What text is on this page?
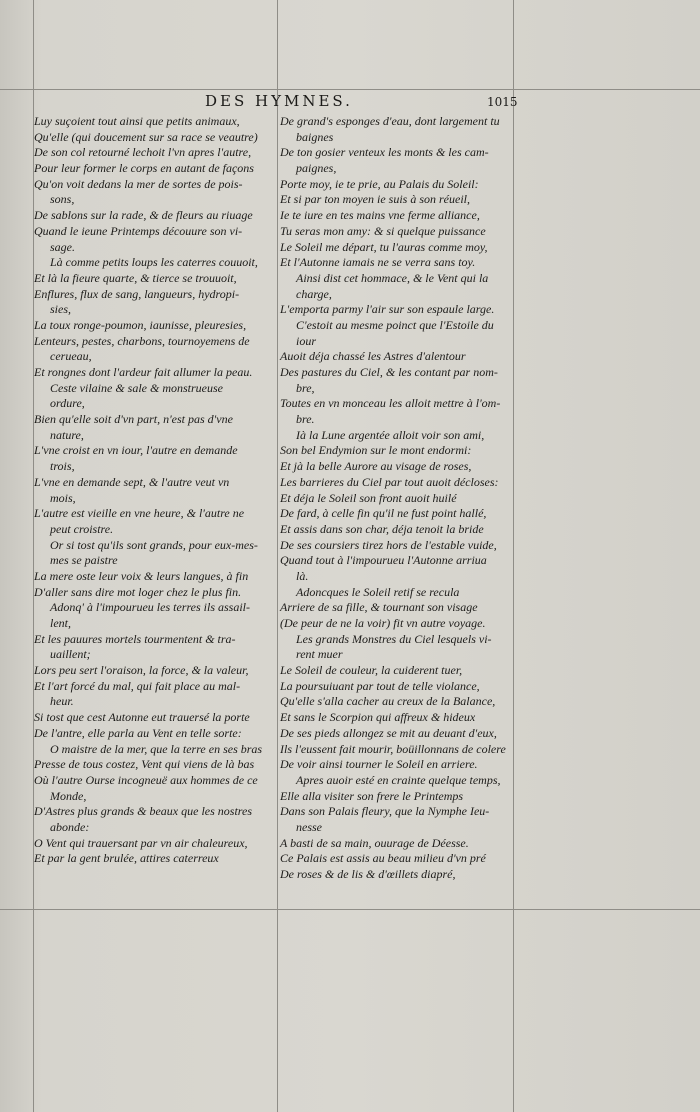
DES HYMNES.	1015
Luy suçoient tout ainsi que petits animaux,
Qu'elle (qui doucement sur sa race se veautre)
De son col retourné lechoit l'vn apres l'autre,
Pour leur former le corps en autant de façons
Qu'on voit dedans la mer de sortes de pois-
sons,
De sablons sur la rade, & de fleurs au riuage
Quand le ieune Printemps découure son vi-
sage.
Là comme petits loups les caterres couuoit,
Et là la fieure quarte, & tierce se trouuoit,
Enflures, flux de sang, langueurs, hydropi-
sies,
La toux ronge-poumon, iaunisse, pleuresies,
Lenteurs, pestes, charbons, tournoyemens de
cerueau,
Et rongnes dont l'ardeur fait allumer la peau.
Ceste vilaine & sale & monstrueuse
ordure,
Bien qu'elle soit d'vn part, n'est pas d'vne
nature,
L'vne croist en vn iour, l'autre en demande
trois,
L'vne en demande sept, & l'autre veut vn
mois,
L'autre est vieille en vne heure, & l'autre ne
peut croistre.
Or si tost qu'ils sont grands, pour eux-mes-
mes se paistre
La mere oste leur voix & leurs langues, à fin
D'aller sans dire mot loger chez le plus fin.
Adonq' à l'impourueu les terres ils assail-
lent,
Et les pauures mortels tourmentent & tra-
uaillent;
Lors peu sert l'oraison, la force, & la valeur,
Et l'art forcé du mal, qui fait place au mal-
heur.
Si tost que cest Autonne eut trauersé la porte
De l'antre, elle parla au Vent en telle sorte:
O maistre de la mer, que la terre en ses bras
Presse de tous costez, Vent qui viens de là bas
Où l'autre Ourse incogneuë aux hommes de ce
Monde,
D'Astres plus grands & beaux que les nostres
abonde:
O Vent qui trauersant par vn air chaleureux,
Et par la gent brulée, attires caterreux
De grand's esponges d'eau, dont largement tu
baignes
De ton gosier venteux les monts & les cam-
paignes,
Porte moy, ie te prie, au Palais du Soleil:
Et si par ton moyen ie suis à son réueil,
Ie te iure en tes mains vne ferme alliance,
Tu seras mon amy: & si quelque puissance
Le Soleil me départ, tu l'auras comme moy,
Et l'Autonne iamais ne se verra sans toy.
Ainsi dist cet hommace, & le Vent qui la
charge,
L'emporta parmy l'air sur son espaule large.
C'estoit au mesme poinct que l'Estoile du
iour
Auoit déja chassé les Astres d'alentour
Des pastures du Ciel, & les contant par nom-
bre,
Toutes en vn monceau les alloit mettre à l'om-
bre.
Ià la Lune argentée alloit voir son ami,
Son bel Endymion sur le mont endormi:
Et jà la belle Aurore au visage de roses,
Les barrieres du Ciel par tout auoit décloses:
Et déja le Soleil son front auoit huilé
De fard, à celle fin qu'il ne fust point hallé,
Et assis dans son char, déja tenoit la bride
De ses coursiers tirez hors de l'estable vuide,
Quand tout à l'impourueu l'Autonne arriua
là.
Adoncques le Soleil retif se recula
Arriere de sa fille, & tournant son visage
(De peur de ne la voir) fit vn autre voyage.
Les grands Monstres du Ciel lesquels vi-
rent muer
Le Soleil de couleur, la cuiderent tuer,
La poursuiuant par tout de telle violance,
Qu'elle s'alla cacher au creux de la Balance,
Et sans le Scorpion qui affreux & hideux
De ses pieds allongez se mit au deuant d'eux,
Ils l'eussent fait mourir, boüillonnans de colere
De voir ainsi tourner le Soleil en arriere.
Apres auoir esté en crainte quelque temps,
Elle alla visiter son frere le Printemps
Dans son Palais fleury, que la Nymphe Ieu-
nesse
A basti de sa main, ouurage de Déesse.
Ce Palais est assis au beau milieu d'vn pré
De roses & de lis & d'œillets diapré,
